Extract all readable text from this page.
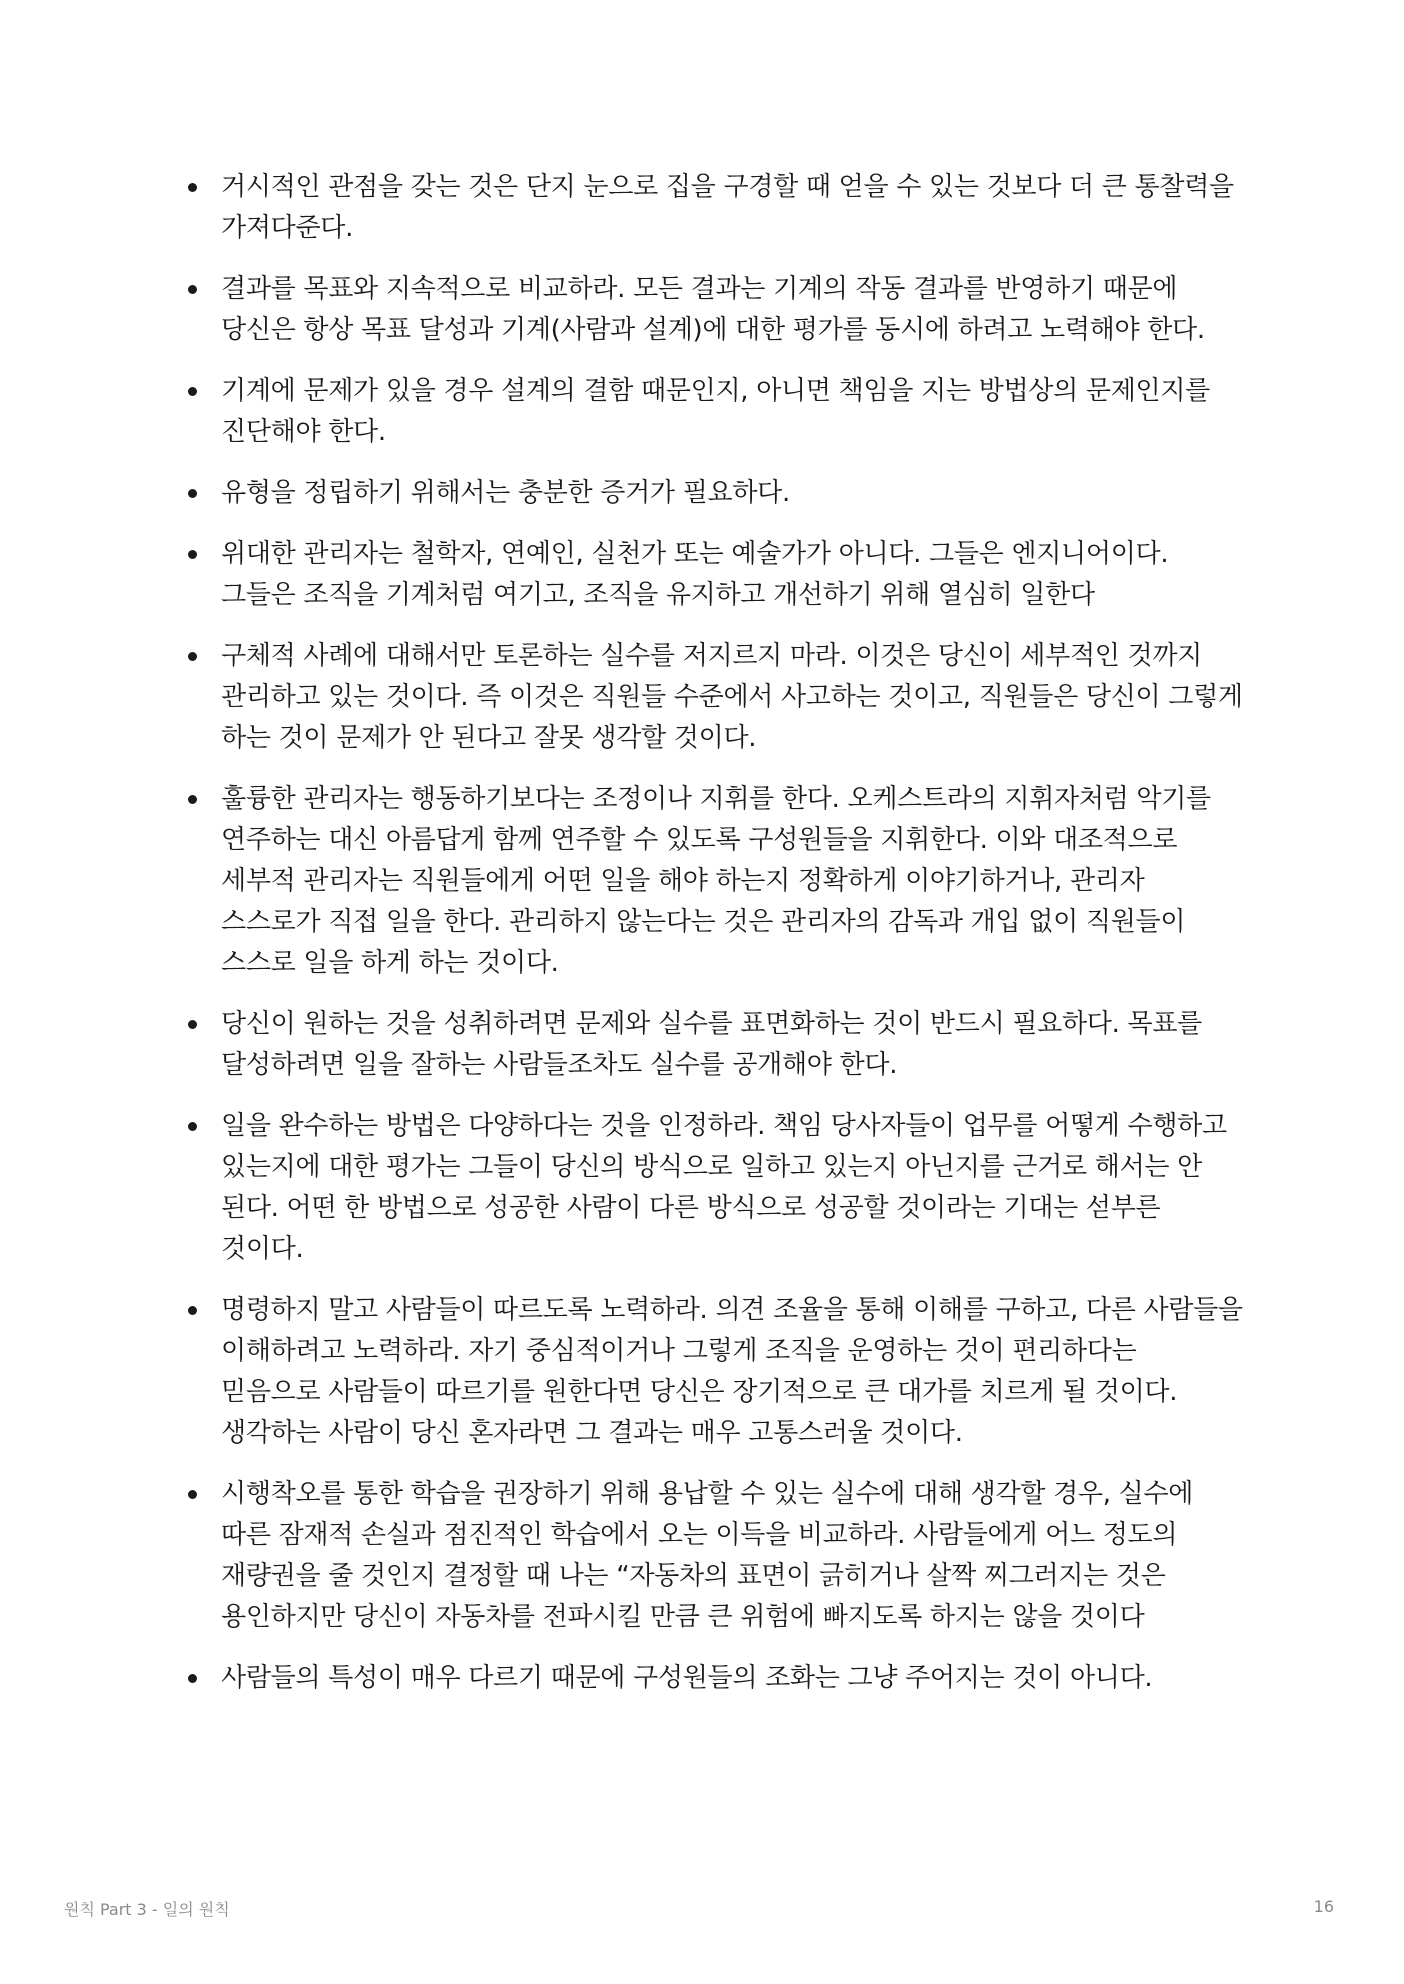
거시적인 관점을 갖는 것은 단지 눈으로 집을 구경할 때 얻을 수 있는 것보다 더 큰 통찰력을 가져다준다.
결과를 목표와 지속적으로 비교하라. 모든 결과는 기계의 작동 결과를 반영하기 때문에 당신은 항상 목표 달성과 기계(사람과 설계)에 대한 평가를 동시에 하려고 노력해야 한다.
기계에 문제가 있을 경우 설계의 결함 때문인지, 아니면 책임을 지는 방법상의 문제인지를 진단해야 한다.
유형을 정립하기 위해서는 충분한 증거가 필요하다.
위대한 관리자는 철학자, 연예인, 실천가 또는 예술가가 아니다. 그들은 엔지니어이다. 그들은 조직을 기계처럼 여기고, 조직을 유지하고 개선하기 위해 열심히 일한다
구체적 사례에 대해서만 토론하는 실수를 저지르지 마라. 이것은 당신이 세부적인 것까지 관리하고 있는 것이다. 즉 이것은 직원들 수준에서 사고하는 것이고, 직원들은 당신이 그렇게 하는 것이 문제가 안 된다고 잘못 생각할 것이다.
훌륭한 관리자는 행동하기보다는 조정이나 지휘를 한다. 오케스트라의 지휘자처럼 악기를 연주하는 대신 아름답게 함께 연주할 수 있도록 구성원들을 지휘한다. 이와 대조적으로 세부적 관리자는 직원들에게 어떤 일을 해야 하는지 정확하게 이야기하거나, 관리자 스스로가 직접 일을 한다. 관리하지 않는다는 것은 관리자의 감독과 개입 없이 직원들이 스스로 일을 하게 하는 것이다.
당신이 원하는 것을 성취하려면 문제와 실수를 표면화하는 것이 반드시 필요하다. 목표를 달성하려면 일을 잘하는 사람들조차도 실수를 공개해야 한다.
일을 완수하는 방법은 다양하다는 것을 인정하라. 책임 당사자들이 업무를 어떻게 수행하고 있는지에 대한 평가는 그들이 당신의 방식으로 일하고 있는지 아닌지를 근거로 해서는 안 된다. 어떤 한 방법으로 성공한 사람이 다른 방식으로 성공할 것이라는 기대는 섣부른 것이다.
명령하지 말고 사람들이 따르도록 노력하라. 의견 조율을 통해 이해를 구하고, 다른 사람들을 이해하려고 노력하라. 자기 중심적이거나 그렇게 조직을 운영하는 것이 편리하다는 믿음으로 사람들이 따르기를 원한다면 당신은 장기적으로 큰 대가를 치르게 될 것이다. 생각하는 사람이 당신 혼자라면 그 결과는 매우 고통스러울 것이다.
시행착오를 통한 학습을 권장하기 위해 용납할 수 있는 실수에 대해 생각할 경우, 실수에 따른 잠재적 손실과 점진적인 학습에서 오는 이득을 비교하라. 사람들에게 어느 정도의 재량권을 줄 것인지 결정할 때 나는 “자동차의 표면이 긁히거나 살짝 찌그러지는 것은 용인하지만 당신이 자동차를 전파시킬 만큼 큰 위험에 빠지도록 하지는 않을 것이다
사람들의 특성이 매우 다르기 때문에 구성원들의 조화는 그냥 주어지는 것이 아니다.
원칙 Part 3 - 일의 원칙	16
